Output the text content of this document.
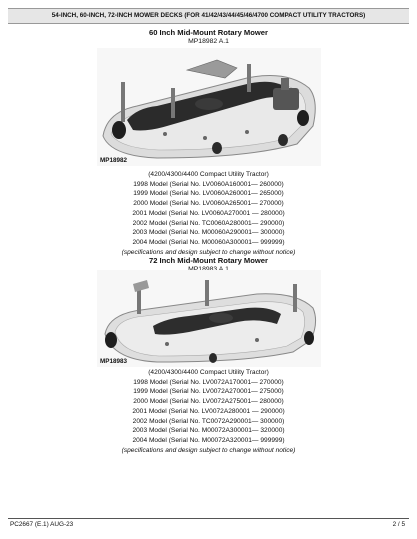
54-INCH, 60-INCH, 72-INCH MOWER DECKS (FOR 41/42/43/44/45/46/4700 COMPACT UTILITY TRACTORS)
60 Inch Mid-Mount Rotary Mower
MP18982 A.1
MP18982
(4200/4300/4400 Compact Utility Tractor)
1998 Model (Serial No. LV0060A160001— 260000)
1999 Model (Serial No. LV0060A260001— 265000)
2000 Model (Serial No. LV0060A265001— 270000)
2001 Model (Serial No. LV0060A270001 — 280000)
2002 Model (Serial No. TC0060A280001— 290000)
2003 Model (Serial No. M00060A290001— 300000)
2004 Model (Serial No. M00060A300001— 999999)
(specifications and design subject to change without notice)
72 Inch Mid-Mount Rotary Mower
MP18983
(4200/4300/4400 Compact Utility Tractor)
1998 Model (Serial No. LV0072A170001— 270000)
1999 Model (Serial No. LV0072A270001— 275000)
2000 Model (Serial No. LV0072A275001— 280000)
2001 Model (Serial No. LV0072A280001 — 290000)
2002 Model (Serial No. TC0072A290001— 300000)
2003 Model (Serial No. M00072A300001— 320000)
2004 Model (Serial No. M00072A320001— 999999)
(specifications and design subject to change without notice)
PC2667 (E.1) AUG-23	2 / 5
